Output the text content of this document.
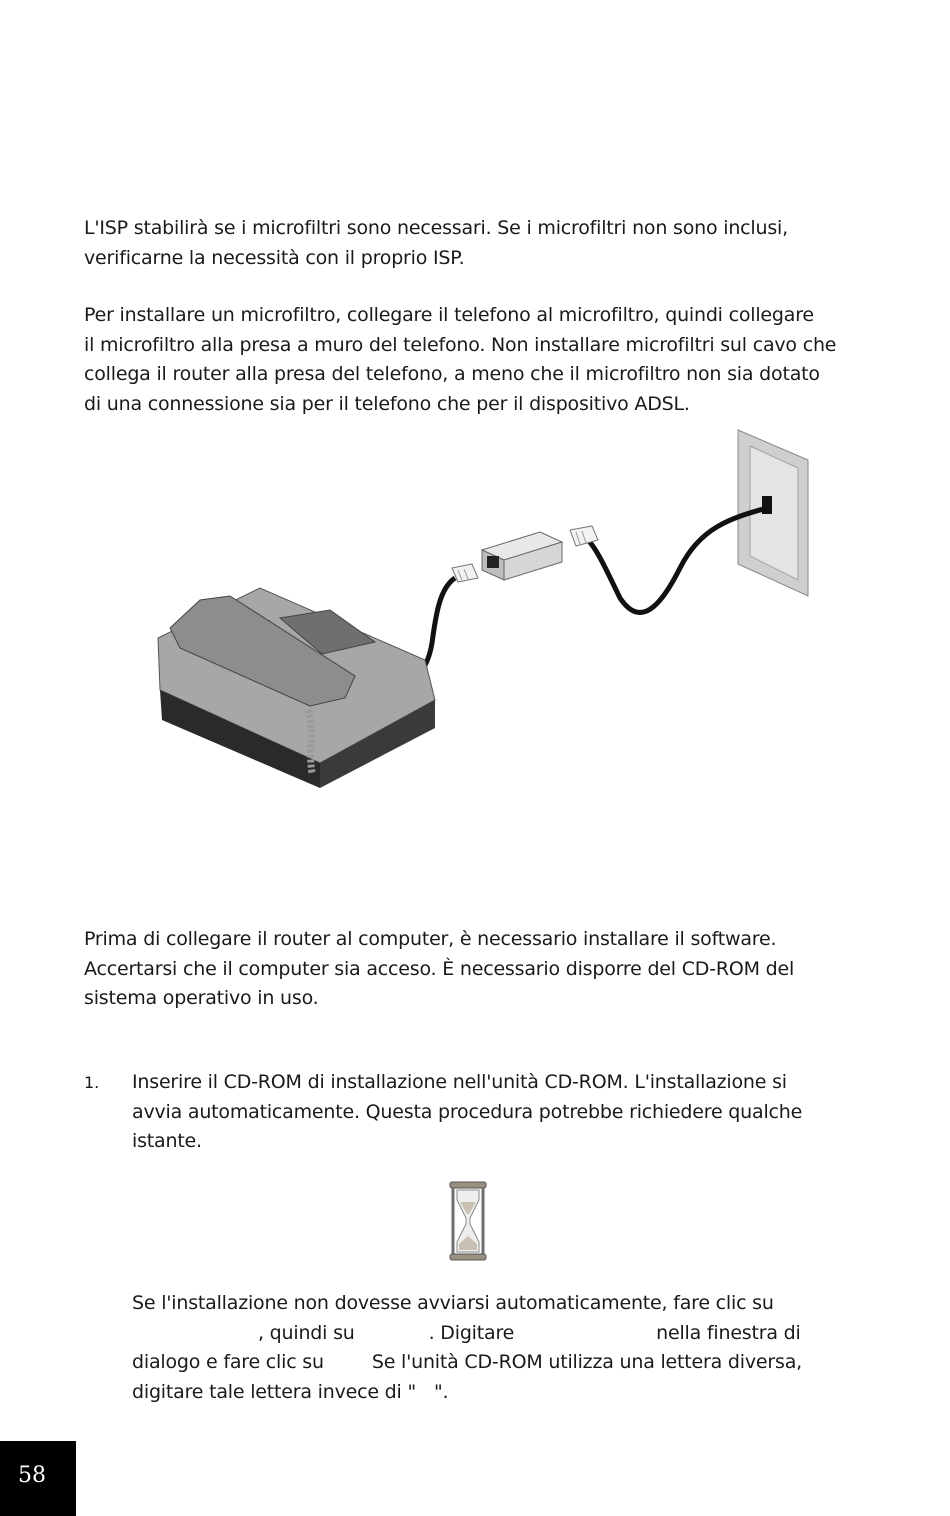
L'ISP stabilirà se i microfiltri sono necessari. Se i microfiltri non sono inclusi,
verificarne la necessità con il proprio ISP.
Per installare un microfiltro, collegare il telefono al microfiltro, quindi collegare
il microfiltro alla presa a muro del telefono. Non installare microfiltri sul cavo che
collega il router alla presa del telefono, a meno che il microfiltro non sia dotato
di una connessione sia per il telefono che per il dispositivo ADSL.
Prima di collegare il router al computer, è necessario installare il software.
Accertarsi che il computer sia acceso. È necessario disporre del CD-ROM del
sistema operativo in uso.
1. Inserire il CD-ROM di installazione nell'unità CD-ROM. L'installazione si
avvia automaticamente. Questa procedura potrebbe richiedere qualche
istante.
Se l'installazione non dovesse avviarsi automaticamente, fare clic su
, quindi su	. Digitare	nella finestra di
dialogo e fare clic su	Se l'unità CD-ROM utilizza una lettera diversa,
digitare tale lettera invece di " ".
58
